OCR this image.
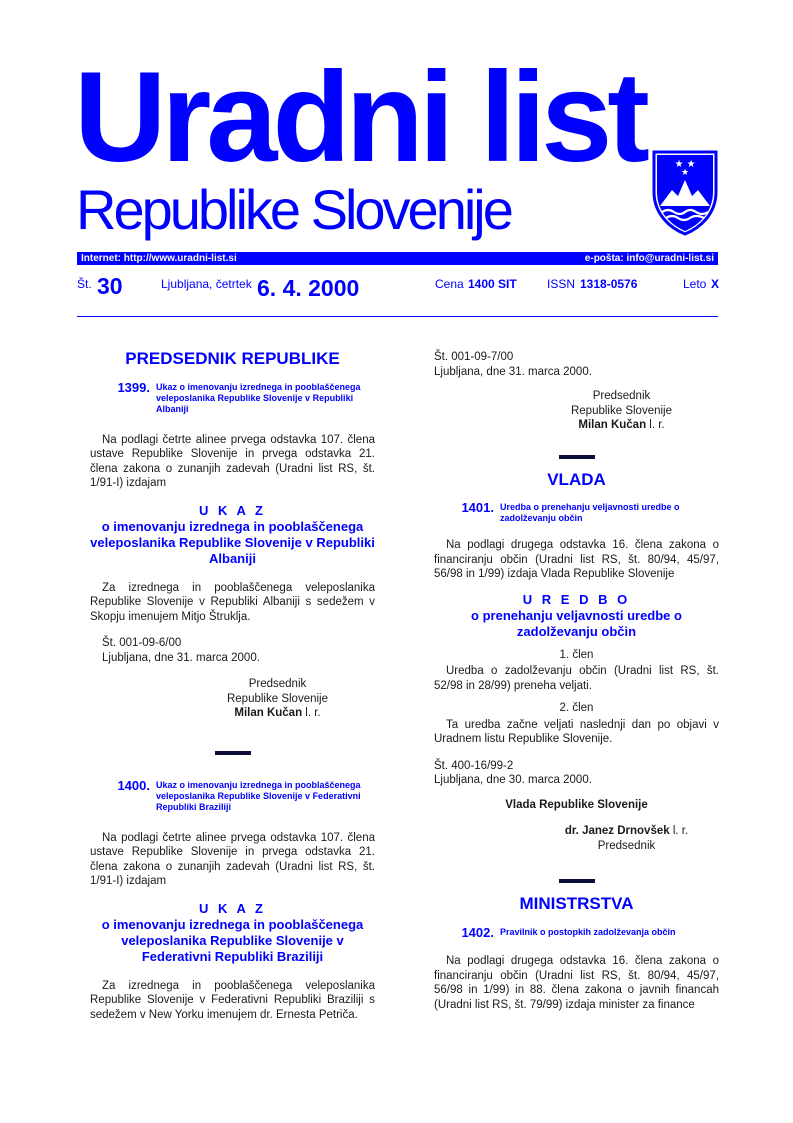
Uradni list
Republike Slovenije
★ ★
★
Internet: http://www.uradni-list.si	e-pošta: info@uradni-list.si
Št. 30	Ljubljana, četrtek 6. 4. 2000	Cena 1400 SIT	ISSN 1318-0576	Leto X
PREDSEDNIK REPUBLIKE
1399. Ukaz o imenovanju izrednega in pooblaščenega veleposlanika Republike Slovenije v Republiki Albaniji

Na podlagi četrte alinee prvega odstavka 107. člena ustave Republike Slovenije in prvega odstavka 21. člena zakona o zunanjih zadevah (Uradni list RS, št. 1/91-I) izdajam

U K A Z
o imenovanju izrednega in pooblaščenega veleposlanika Republike Slovenije v Republiki Albaniji

Za izrednega in pooblaščenega veleposlanika Republike Slovenije v Republiki Albaniji s sedežem v Skopju imenujem Mitjo Štruklja.

Št. 001-09-6/00

Ljubljana, dne 31. marca 2000.

Predsednik
Republike Slovenije
Milan Kučan l. r.
1400. Ukaz o imenovanju izrednega in pooblaščenega veleposlanika Republike Slovenije v Federativni Republiki Braziliji

Na podlagi četrte alinee prvega odstavka 107. člena ustave Republike Slovenije in prvega odstavka 21. člena zakona o zunanjih zadevah (Uradni list RS, št. 1/91-I) izdajam

U K A Z
o imenovanju izrednega in pooblaščenega veleposlanika Republike Slovenije v Federativni Republiki Braziliji

Za izrednega in pooblaščenega veleposlanika Republike Slovenije v Federativni Republiki Braziliji s sedežem v New Yorku imenujem dr. Ernesta Petriča.

Št. 001-09-7/00

Ljubljana, dne 31. marca 2000.

Predsednik
Republike Slovenije
Milan Kučan l. r.
VLADA
1401. Uredba o prenehanju veljavnosti uredbe o zadolževanju občin

Na podlagi drugega odstavka 16. člena zakona o financiranju občin (Uradni list RS, št. 80/94, 45/97, 56/98 in 1/99) izdaja Vlada Republike Slovenije

U R E D B O
o prenehanju veljavnosti uredbe o zadolževanju občin
1. člen

Uredba o zadolževanju občin (Uradni list RS, št. 52/98 in 28/99) preneha veljati.

2. člen

Ta uredba začne veljati naslednji dan po objavi v Uradnem listu Republike Slovenije.

Št. 400-16/99-2

Ljubljana, dne 30. marca 2000.

Vlada Republike Slovenije
dr. Janez Drnovšek l. r.
Predsednik
MINISTRSTVA
1402. Pravilnik o postopkih zadolževanja občin

Na podlagi drugega odstavka 16. člena zakona o financiranju občin (Uradni list RS, št. 80/94, 45/97, 56/98 in 1/99) in 88. člena zakona o javnih financah (Uradni list RS, št. 79/99) izdaja minister za finance
